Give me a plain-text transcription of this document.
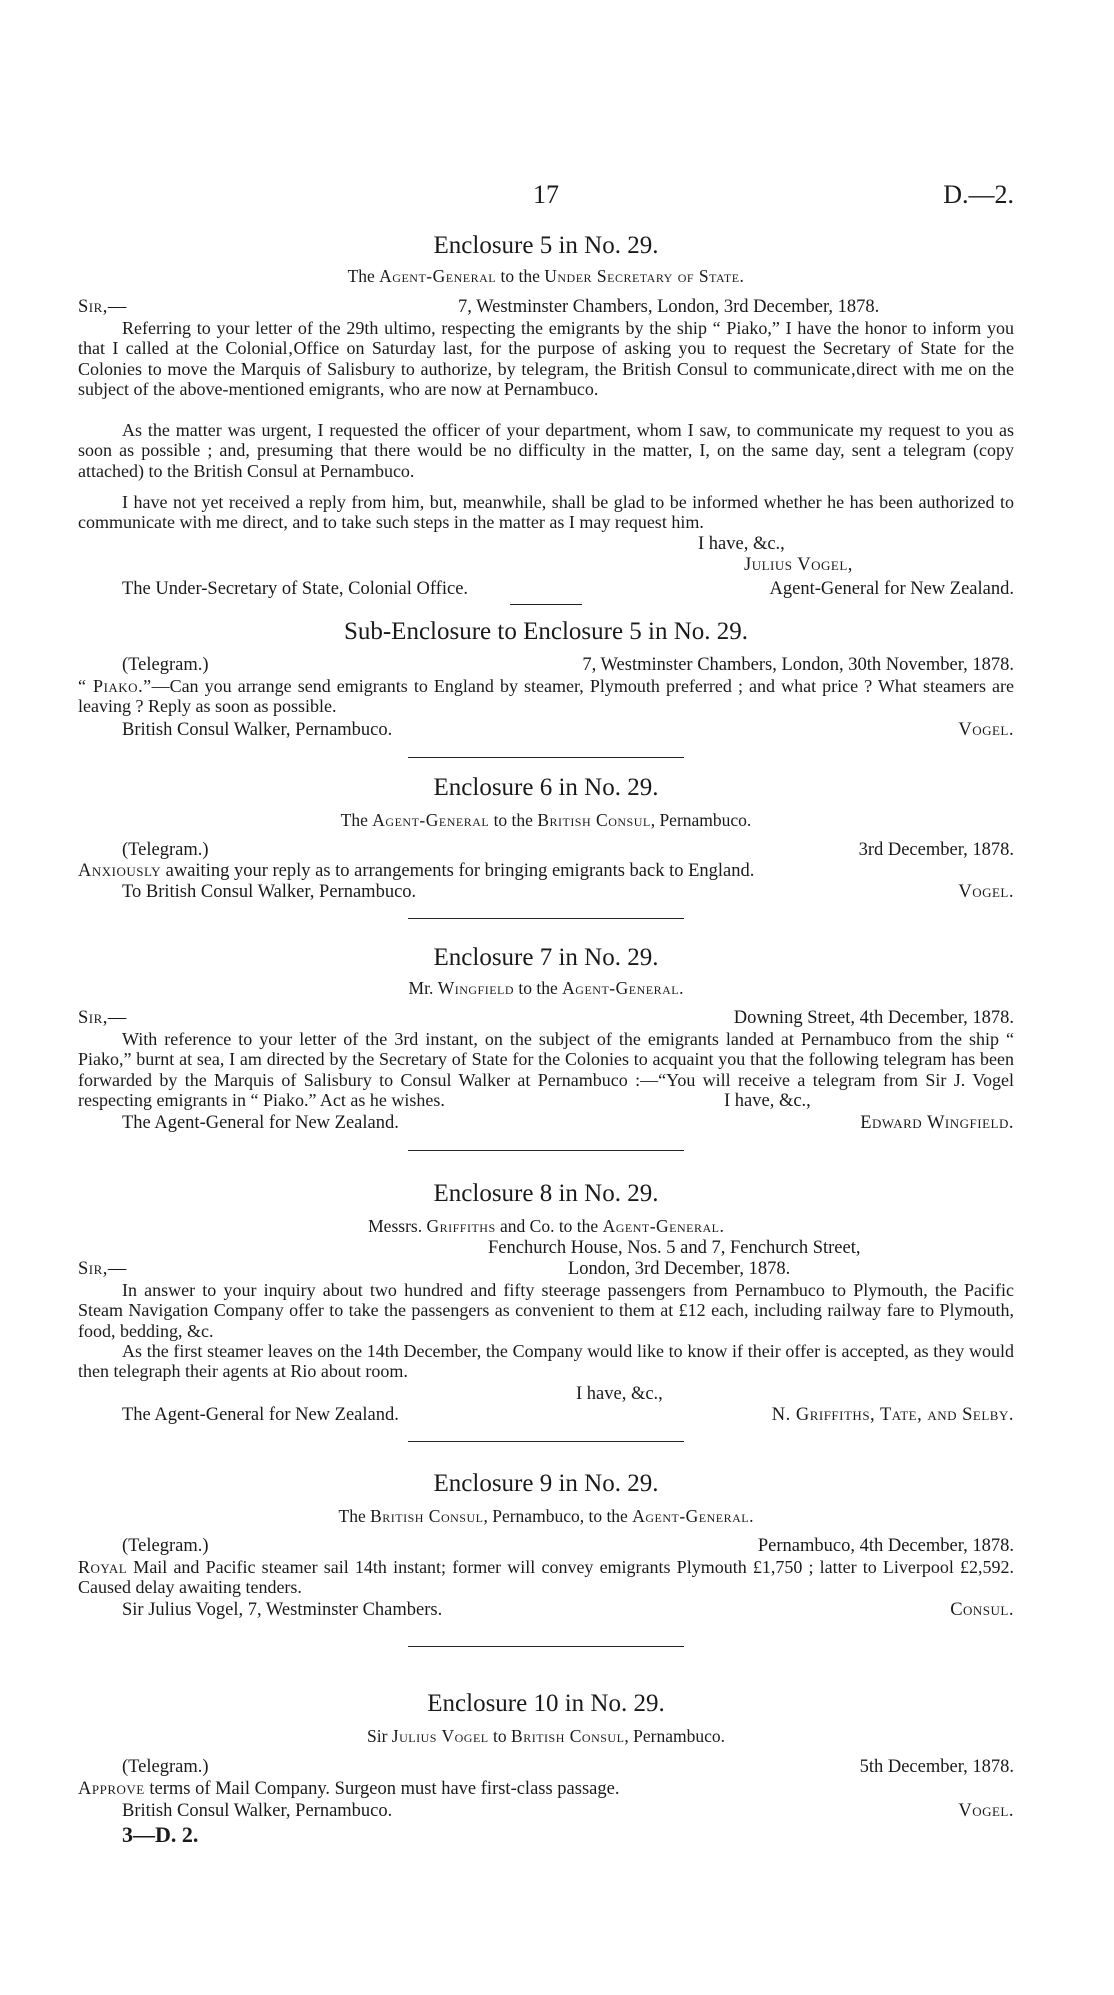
17	D.—2.
Enclosure 5 in No. 29.
The Agent-General to the Under Secretary of State.
Sir,—	7, Westminster Chambers, London, 3rd December, 1878.
Referring to your letter of the 29th ultimo, respecting the emigrants by the ship “ Piako,” I have the honor to inform you that I called at the Colonial‚Office on Saturday last, for the purpose of asking you to request the Secretary of State for the Colonies to move the Marquis of Salisbury to authorize, by telegram, the British Consul to communicate‚direct with me on the subject of the above-mentioned emigrants, who are now at Pernambuco.
As the matter was urgent, I requested the officer of your department, whom I saw, to communicate my request to you as soon as possible ; and, presuming that there would be no difficulty in the matter, I, on the same day, sent a telegram (copy attached) to the British Consul at Pernambuco.
I have not yet received a reply from him, but, meanwhile, shall be glad to be informed whether he has been authorized to communicate with me direct, and to take such steps in the matter as I may request him.
I have, &c.,
Julius Vogel,
The Under-Secretary of State, Colonial Office.	Agent-General for New Zealand.
Sub-Enclosure to Enclosure 5 in No. 29.
(Telegram.)	7, Westminster Chambers, London, 30th November, 1878.
“ Piako.”—Can you arrange send emigrants to England by steamer, Plymouth preferred ; and what price ? What steamers are leaving ? Reply as soon as possible.
British Consul Walker, Pernambuco.	Vogel.
Enclosure 6 in No. 29.
The Agent-General to the British Consul, Pernambuco.
(Telegram.)	3rd December, 1878.
Anxiously awaiting your reply as to arrangements for bringing emigrants back to England.
To British Consul Walker, Pernambuco.	Vogel.
Enclosure 7 in No. 29.
Mr. Wingfield to the Agent-General.
Sir,—	Downing Street, 4th December, 1878.
With reference to your letter of the 3rd instant, on the subject of the emigrants landed at Pernambuco from the ship “ Piako,” burnt at sea, I am directed by the Secretary of State for the Colonies to acquaint you that the following telegram has been forwarded by the Marquis of Salisbury to Consul Walker at Pernambuco :—“You will receive a telegram from Sir J. Vogel respecting emigrants in “ Piako.” Act as he wishes.	I have, &c.,
The Agent-General for New Zealand.	Edward Wingfield.
Enclosure 8 in No. 29.
Messrs. Griffiths and Co. to the Agent-General.
Fenchurch House, Nos. 5 and 7, Fenchurch Street,
Sir,—	London, 3rd December, 1878.
In answer to your inquiry about two hundred and fifty steerage passengers from Pernambuco to Plymouth, the Pacific Steam Navigation Company offer to take the passengers as convenient to them at £12 each, including railway fare to Plymouth, food, bedding, &c.
As the first steamer leaves on the 14th December, the Company would like to know if their offer is accepted, as they would then telegraph their agents at Rio about room.
I have, &c.,
The Agent-General for New Zealand.	N. Griffiths, Tate, and Selby.
Enclosure 9 in No. 29.
The British Consul, Pernambuco, to the Agent-General.
(Telegram.)	Pernambuco, 4th December, 1878.
Royal Mail and Pacific steamer sail 14th instant; former will convey emigrants Plymouth £1,750 ; latter to Liverpool £2,592. Caused delay awaiting tenders.
Sir Julius Vogel, 7, Westminster Chambers.	Consul.
Enclosure 10 in No. 29.
Sir Julius Vogel to British Consul, Pernambuco.
(Telegram.)	5th December, 1878.
Approve terms of Mail Company. Surgeon must have first-class passage.
British Consul Walker, Pernambuco.	Vogel.
3—D. 2.
